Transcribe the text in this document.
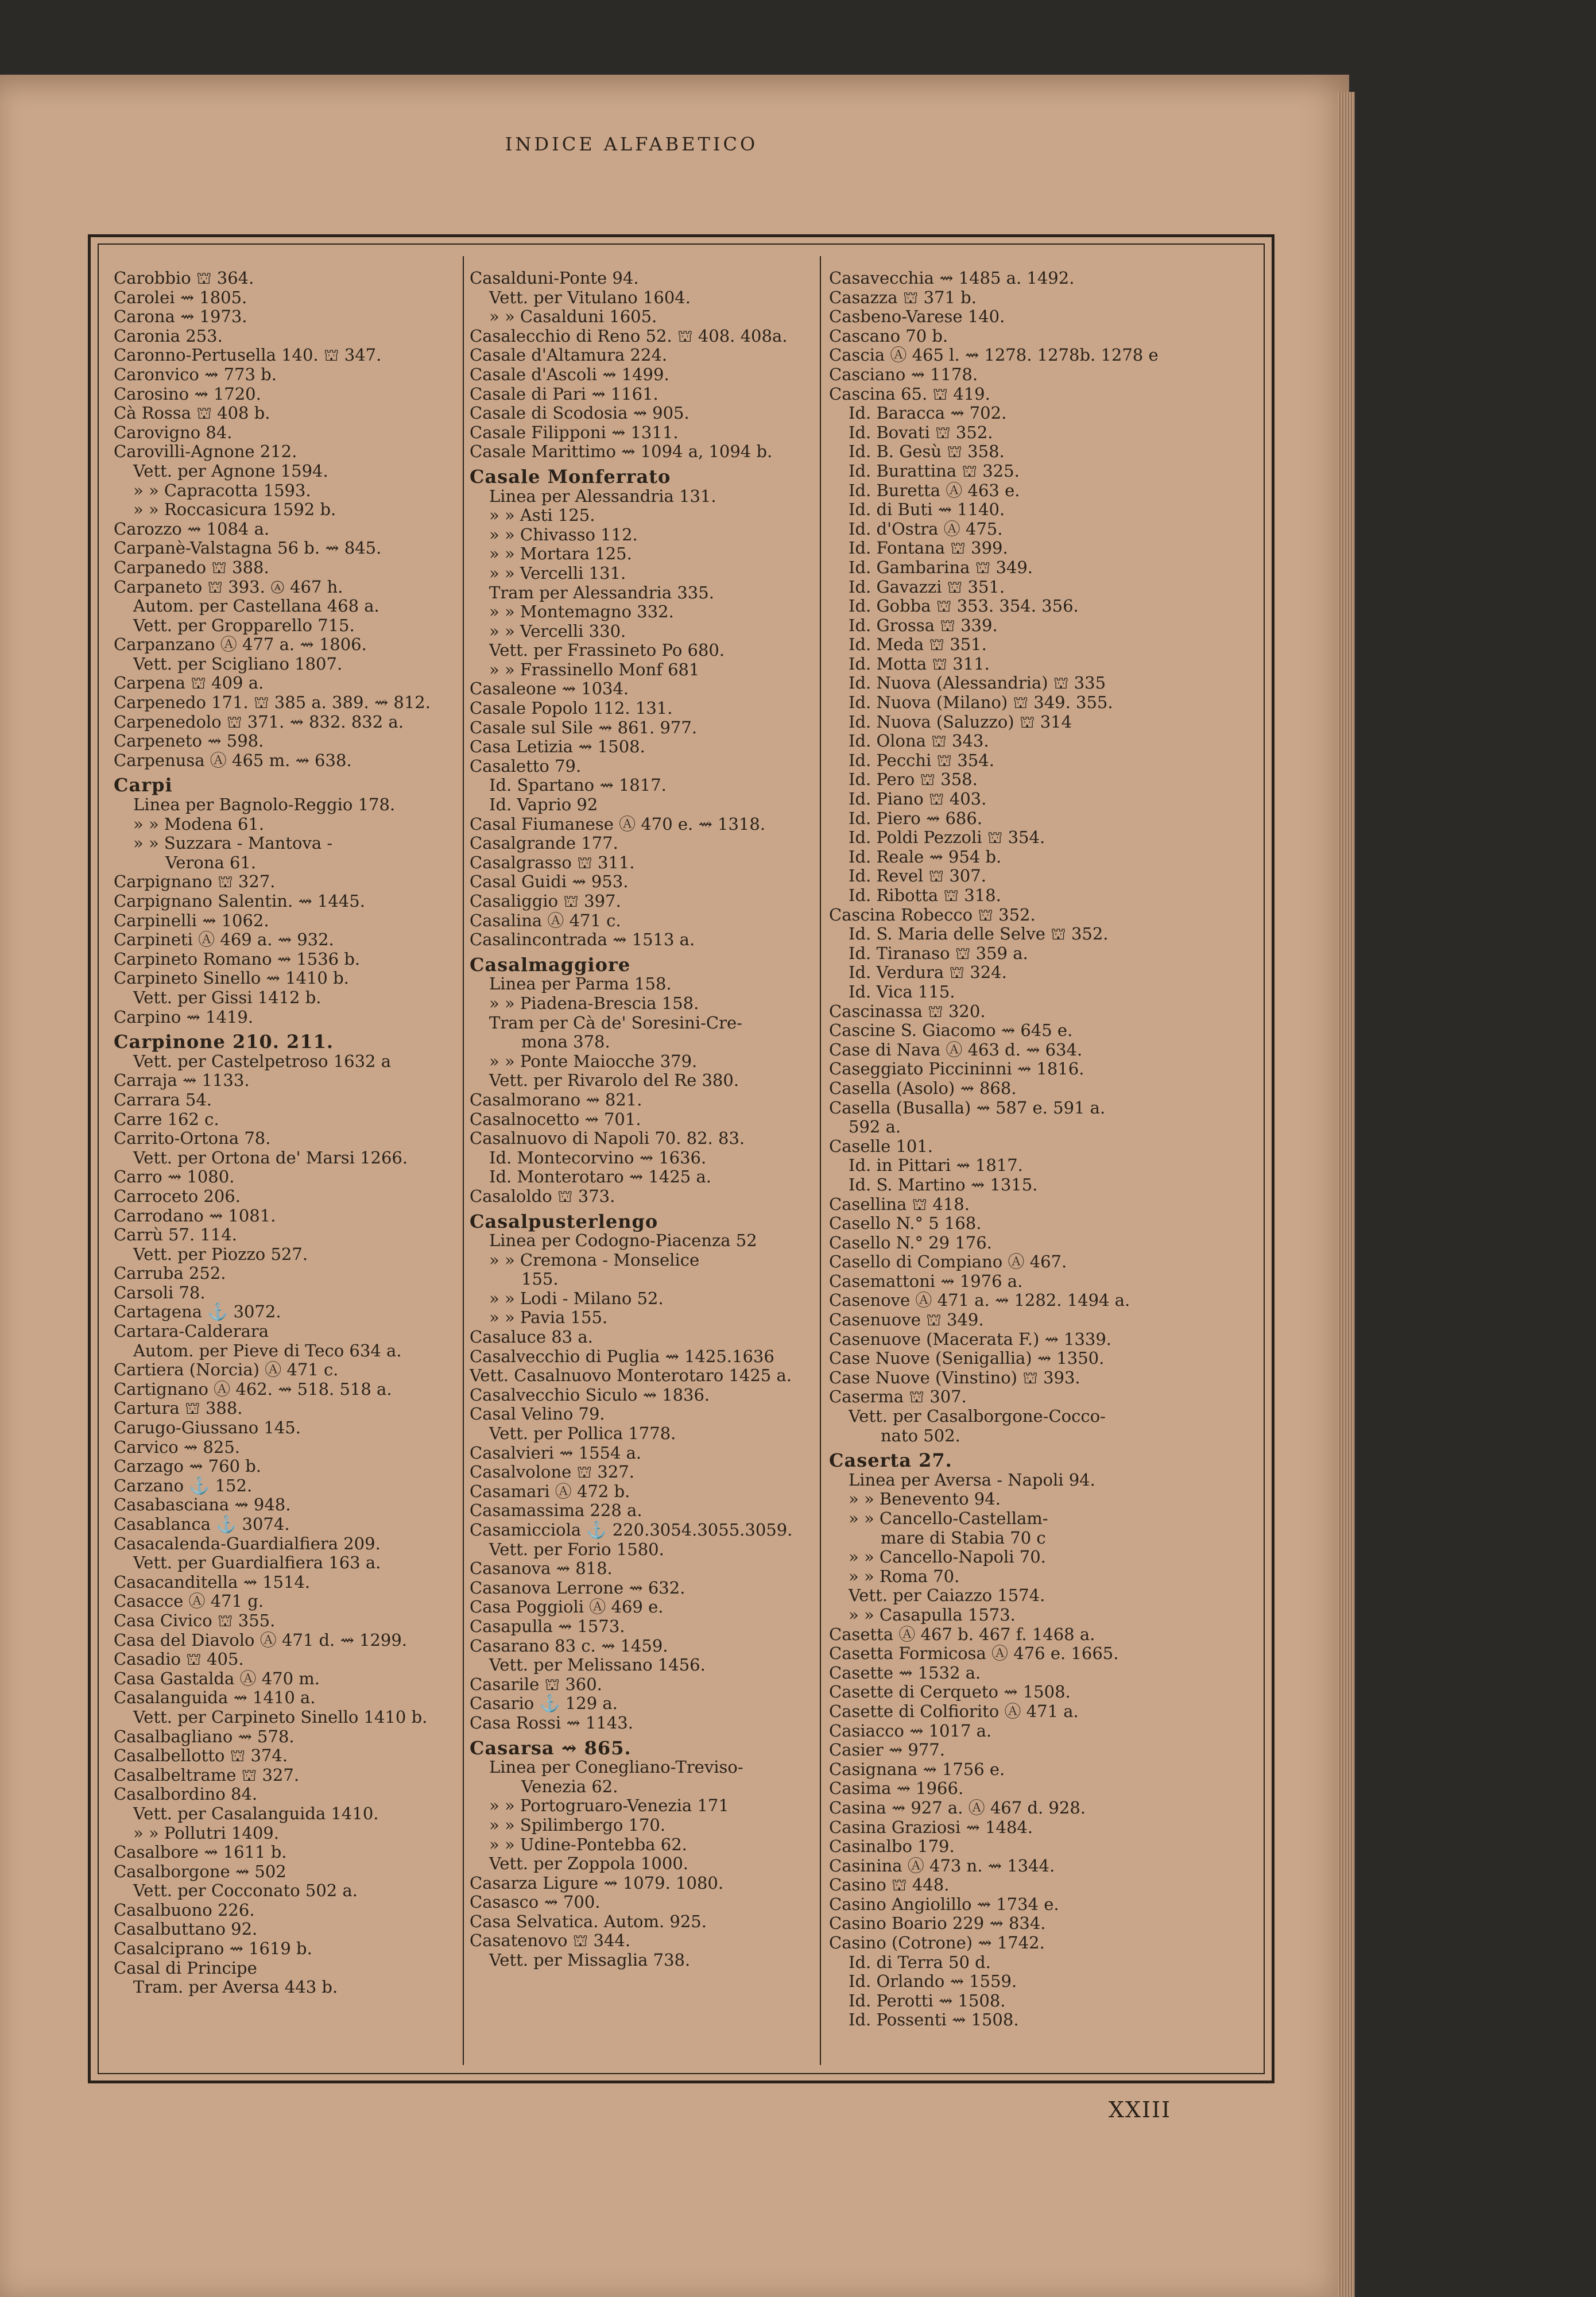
INDICE ALFABETICO
Carobbio ⛫ 364.
Carolei ⇝ 1805.
Carona ⇝ 1973.
Caronia 253.
Caronno-Pertusella 140. ⛫ 347.
Caronvico ⇝ 773 b.
Carosino ⇝ 1720.
Cà Rossa ⛫ 408 b.
Carovigno 84.
Carovilli-Agnone 212.
Vett. per Agnone 1594.
» » Capracotta 1593.
» » Roccasicura 1592 b.
Carozzo ⇝ 1084 a.
Carpanè-Valstagna 56 b. ⇝ 845.
Carpanedo ⛫ 388.
Carpaneto ⛫ 393. Ⓐ 467 h.
Autom. per Castellana 468 a.
Vett. per Gropparello 715.
Carpanzano Ⓐ 477 a. ⇝ 1806.
Vett. per Scigliano 1807.
Carpena ⛫ 409 a.
Carpenedo 171. ⛫ 385 a. 389. ⇝ 812.
Carpenedolo ⛫ 371. ⇝ 832. 832 a.
Carpeneto ⇝ 598.
Carpenusa Ⓐ 465 m. ⇝ 638.
Carpi
Linea per Bagnolo-Reggio 178.
» » Modena 61.
» » Suzzara - Mantova -
Verona 61.
Carpignano ⛫ 327.
Carpignano Salentin. ⇝ 1445.
Carpinelli ⇝ 1062.
Carpineti Ⓐ 469 a. ⇝ 932.
Carpineto Romano ⇝ 1536 b.
Carpineto Sinello ⇝ 1410 b.
Vett. per Gissi 1412 b.
Carpino ⇝ 1419.
Carpinone 210. 211.
Vett. per Castelpetroso 1632 a
Carraja ⇝ 1133.
Carrara 54.
Carre 162 c.
Carrito-Ortona 78.
Vett. per Ortona de' Marsi 1266.
Carro ⇝ 1080.
Carroceto 206.
Carrodano ⇝ 1081.
Carrù 57. 114.
Vett. per Piozzo 527.
Carruba 252.
Carsoli 78.
Cartagena ⚓ 3072.
Cartara-Calderara
Autom. per Pieve di Teco 634 a.
Cartiera (Norcia) Ⓐ 471 c.
Cartignano Ⓐ 462. ⇝ 518. 518 a.
Cartura ⛫ 388.
Carugo-Giussano 145.
Carvico ⇝ 825.
Carzago ⇝ 760 b.
Carzano ⚓ 152.
Casabasciana ⇝ 948.
Casablanca ⚓ 3074.
Casacalenda-Guardialfiera 209.
Vett. per Guardialfiera 163 a.
Casacanditella ⇝ 1514.
Casacce Ⓐ 471 g.
Casa Civico ⛫ 355.
Casa del Diavolo Ⓐ 471 d. ⇝ 1299.
Casadio ⛫ 405.
Casa Gastalda Ⓐ 470 m.
Casalanguida ⇝ 1410 a.
Vett. per Carpineto Sinello 1410 b.
Casalbagliano ⇝ 578.
Casalbellotto ⛫ 374.
Casalbeltrame ⛫ 327.
Casalbordino 84.
Vett. per Casalanguida 1410.
» » Pollutri 1409.
Casalbore ⇝ 1611 b.
Casalborgone ⇝ 502
Vett. per Cocconato 502 a.
Casalbuono 226.
Casalbuttano 92.
Casalciprano ⇝ 1619 b.
Casal di Principe
Tram. per Aversa 443 b.
Casalduni-Ponte 94.
Vett. per Vitulano 1604.
» » Casalduni 1605.
Casalecchio di Reno 52. ⛫ 408. 408a.
Casale d'Altamura 224.
Casale d'Ascoli ⇝ 1499.
Casale di Pari ⇝ 1161.
Casale di Scodosia ⇝ 905.
Casale Filipponi ⇝ 1311.
Casale Marittimo ⇝ 1094 a, 1094 b.
Casale Monferrato
Linea per Alessandria 131.
» » Asti 125.
» » Chivasso 112.
» » Mortara 125.
» » Vercelli 131.
Tram per Alessandria 335.
» » Montemagno 332.
» » Vercelli 330.
Vett. per Frassineto Po 680.
» » Frassinello Monf 681
Casaleone ⇝ 1034.
Casale Popolo 112. 131.
Casale sul Sile ⇝ 861. 977.
Casa Letizia ⇝ 1508.
Casaletto 79.
Id. Spartano ⇝ 1817.
Id. Vaprio 92
Casal Fiumanese Ⓐ 470 e. ⇝ 1318.
Casalgrande 177.
Casalgrasso ⛫ 311.
Casal Guidi ⇝ 953.
Casaliggio ⛫ 397.
Casalina Ⓐ 471 c.
Casalincontrada ⇝ 1513 a.
Casalmaggiore
Linea per Parma 158.
» » Piadena-Brescia 158.
Tram per Cà de' Soresini-Cre-
mona 378.
» » Ponte Maiocche 379.
Vett. per Rivarolo del Re 380.
Casalmorano ⇝ 821.
Casalnocetto ⇝ 701.
Casalnuovo di Napoli 70. 82. 83.
Id. Montecorvino ⇝ 1636.
Id. Monterotaro ⇝ 1425 a.
Casaloldo ⛫ 373.
Casalpusterlengo
Linea per Codogno-Piacenza 52
» » Cremona - Monselice
155.
» » Lodi - Milano 52.
» » Pavia 155.
Casaluce 83 a.
Casalvecchio di Puglia ⇝ 1425.1636
Vett. Casalnuovo Monterotaro 1425 a.
Casalvecchio Siculo ⇝ 1836.
Casal Velino 79.
Vett. per Pollica 1778.
Casalvieri ⇝ 1554 a.
Casalvolone ⛫ 327.
Casamari Ⓐ 472 b.
Casamassima 228 a.
Casamicciola ⚓ 220.3054.3055.3059.
Vett. per Forio 1580.
Casanova ⇝ 818.
Casanova Lerrone ⇝ 632.
Casa Poggioli Ⓐ 469 e.
Casapulla ⇝ 1573.
Casarano 83 c. ⇝ 1459.
Vett. per Melissano 1456.
Casarile ⛫ 360.
Casario ⚓ 129 a.
Casa Rossi ⇝ 1143.
Casarsa ⇝ 865.
Linea per Conegliano-Treviso-
Venezia 62.
» » Portogruaro-Venezia 171
» » Spilimbergo 170.
» » Udine-Pontebba 62.
Vett. per Zoppola 1000.
Casarza Ligure ⇝ 1079. 1080.
Casasco ⇝ 700.
Casa Selvatica. Autom. 925.
Casatenovo ⛫ 344.
Vett. per Missaglia 738.
Casavecchia ⇝ 1485 a. 1492.
Casazza ⛫ 371 b.
Casbeno-Varese 140.
Cascano 70 b.
Cascia Ⓐ 465 l. ⇝ 1278. 1278b. 1278 e
Casciano ⇝ 1178.
Cascina 65. ⛫ 419.
Id. Baracca ⇝ 702.
Id. Bovati ⛫ 352.
Id. B. Gesù ⛫ 358.
Id. Burattina ⛫ 325.
Id. Buretta Ⓐ 463 e.
Id. di Buti ⇝ 1140.
Id. d'Ostra Ⓐ 475.
Id. Fontana ⛫ 399.
Id. Gambarina ⛫ 349.
Id. Gavazzi ⛫ 351.
Id. Gobba ⛫ 353. 354. 356.
Id. Grossa ⛫ 339.
Id. Meda ⛫ 351.
Id. Motta ⛫ 311.
Id. Nuova (Alessandria) ⛫ 335
Id. Nuova (Milano) ⛫ 349. 355.
Id. Nuova (Saluzzo) ⛫ 314
Id. Olona ⛫ 343.
Id. Pecchi ⛫ 354.
Id. Pero ⛫ 358.
Id. Piano ⛫ 403.
Id. Piero ⇝ 686.
Id. Poldi Pezzoli ⛫ 354.
Id. Reale ⇝ 954 b.
Id. Revel ⛫ 307.
Id. Ribotta ⛫ 318.
Cascina Robecco ⛫ 352.
Id. S. Maria delle Selve ⛫ 352.
Id. Tiranaso ⛫ 359 a.
Id. Verdura ⛫ 324.
Id. Vica 115.
Cascinassa ⛫ 320.
Cascine S. Giacomo ⇝ 645 e.
Case di Nava Ⓐ 463 d. ⇝ 634.
Caseggiato Piccininni ⇝ 1816.
Casella (Asolo) ⇝ 868.
Casella (Busalla) ⇝ 587 e. 591 a.
592 a.
Caselle 101.
Id. in Pittari ⇝ 1817.
Id. S. Martino ⇝ 1315.
Casellina ⛫ 418.
Casello N.° 5 168.
Casello N.° 29 176.
Casello di Compiano Ⓐ 467.
Casemattoni ⇝ 1976 a.
Casenove Ⓐ 471 a. ⇝ 1282. 1494 a.
Casenuove ⛫ 349.
Casenuove (Macerata F.) ⇝ 1339.
Case Nuove (Senigallia) ⇝ 1350.
Case Nuove (Vinstino) ⛫ 393.
Caserma ⛫ 307.
Vett. per Casalborgone-Cocco-
nato 502.
Caserta 27.
Linea per Aversa - Napoli 94.
» » Benevento 94.
» » Cancello-Castellam-
mare di Stabia 70 c
» » Cancello-Napoli 70.
» » Roma 70.
Vett. per Caiazzo 1574.
» » Casapulla 1573.
Casetta Ⓐ 467 b. 467 f. 1468 a.
Casetta Formicosa Ⓐ 476 e. 1665.
Casette ⇝ 1532 a.
Casette di Cerqueto ⇝ 1508.
Casette di Colfiorito Ⓐ 471 a.
Casiacco ⇝ 1017 a.
Casier ⇝ 977.
Casignana ⇝ 1756 e.
Casima ⇝ 1966.
Casina ⇝ 927 a. Ⓐ 467 d. 928.
Casina Graziosi ⇝ 1484.
Casinalbo 179.
Casinina Ⓐ 473 n. ⇝ 1344.
Casino ⛫ 448.
Casino Angiolillo ⇝ 1734 e.
Casino Boario 229 ⇝ 834.
Casino (Cotrone) ⇝ 1742.
Id. di Terra 50 d.
Id. Orlando ⇝ 1559.
Id. Perotti ⇝ 1508.
Id. Possenti ⇝ 1508.
XXIII
